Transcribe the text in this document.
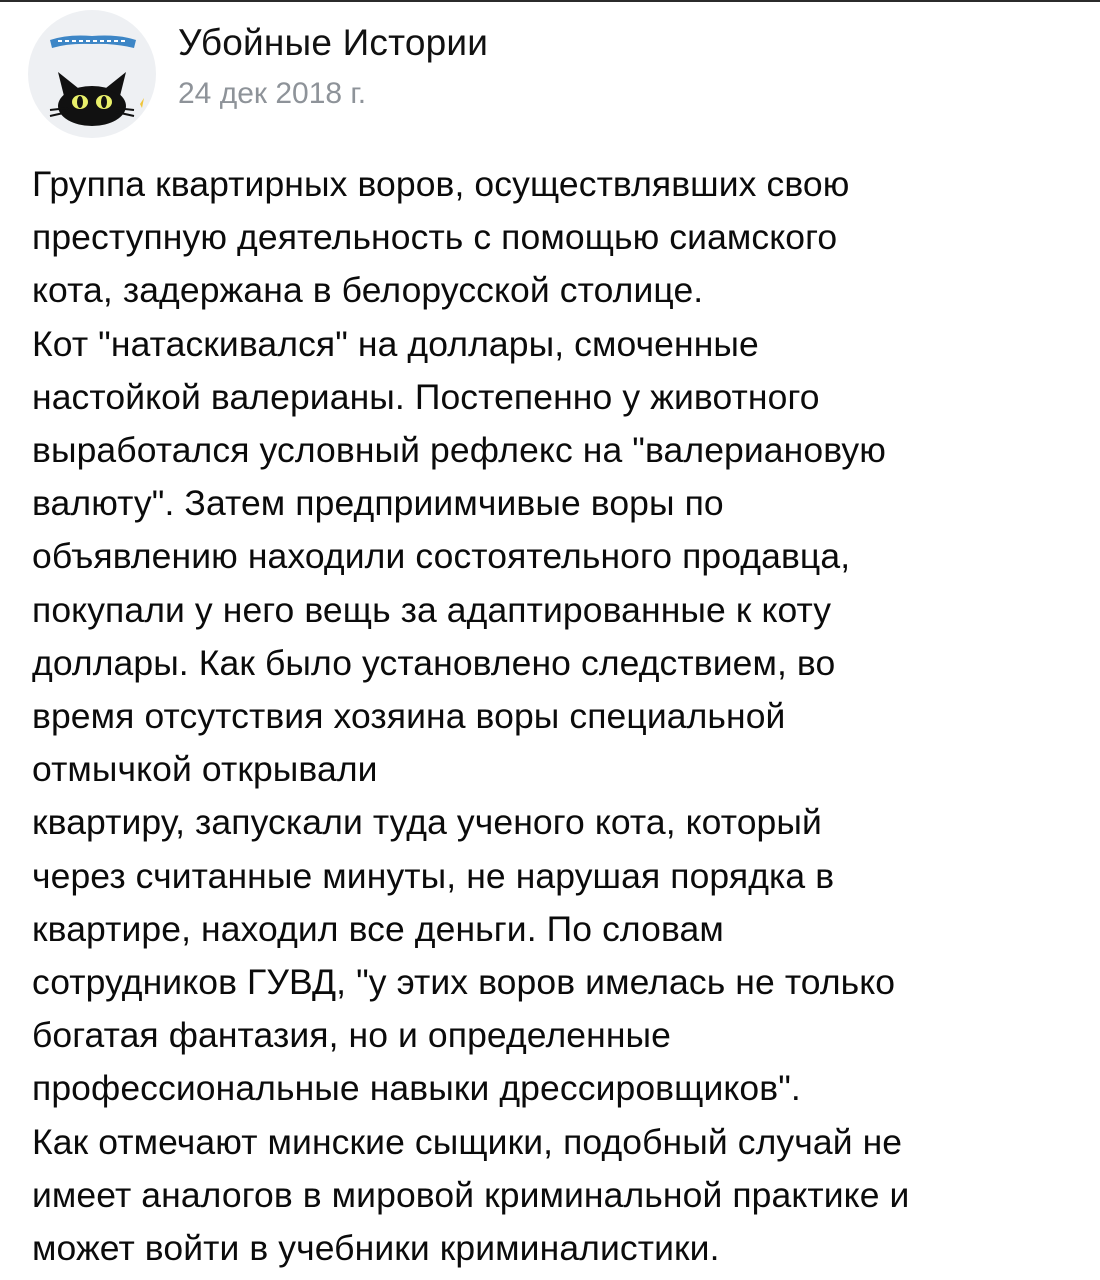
Убойные Истории
24 дек 2018 г.
Группа квартирных воров, осуществлявших свою
преступную деятельность с помощью сиамского
кота, задержана в белорусской столице.
Кот "натаскивался" на доллары, смоченные
настойкой валерианы. Постепенно у животного
выработался условный рефлекс на "валериановую
валюту". Затем предприимчивые воры по
объявлению находили состоятельного продавца,
покупали у него вещь за адаптированные к коту
доллары. Как было установлено следствием, во
время отсутствия хозяина воры специальной
отмычкой открывали
квартиру, запускали туда ученого кота, который
через считанные минуты, не нарушая порядка в
квартире, находил все деньги. По словам
сотрудников ГУВД, "у этих воров имелась не только
богатая фантазия, но и определенные
профессиональные навыки дрессировщиков".
Как отмечают минские сыщики, подобный случай не
имеет аналогов в мировой криминальной практике и
может войти в учебники криминалистики.
